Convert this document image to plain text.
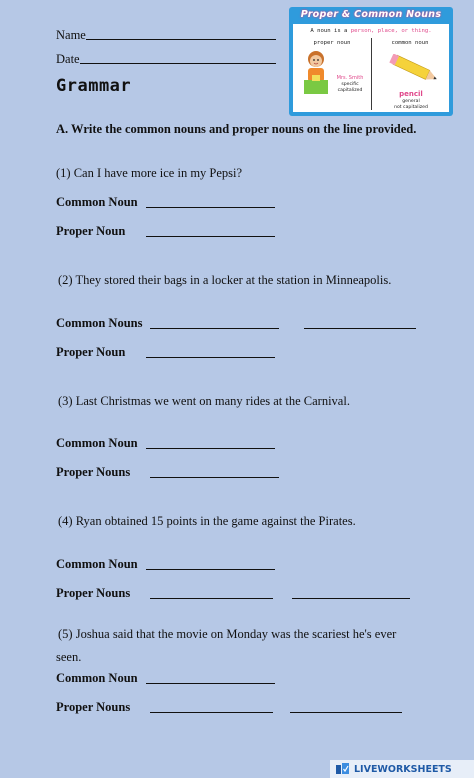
Name
Date
Grammar
Proper & Common Nouns
A noun is a person, place, or thing.
proper noun	common noun
Mrs. Smith
specific
capitalized	pencil
general
not capitalized
A. Write the common nouns and proper nouns on the line provided.
(1) Can I have more ice in my Pepsi?
Common Noun
Proper Noun
(2) They stored their bags in a locker at the station in Minneapolis.
Common Nouns
Proper Noun
(3) Last Christmas we went on many rides at the Carnival.
Common Noun
Proper Nouns
(4) Ryan obtained 15 points in the game against the Pirates.
Common Noun
Proper Nouns
(5) Joshua said that the movie on Monday was the scariest he's ever
seen.
Common Noun
Proper Nouns
LIVEWORKSHEETS
